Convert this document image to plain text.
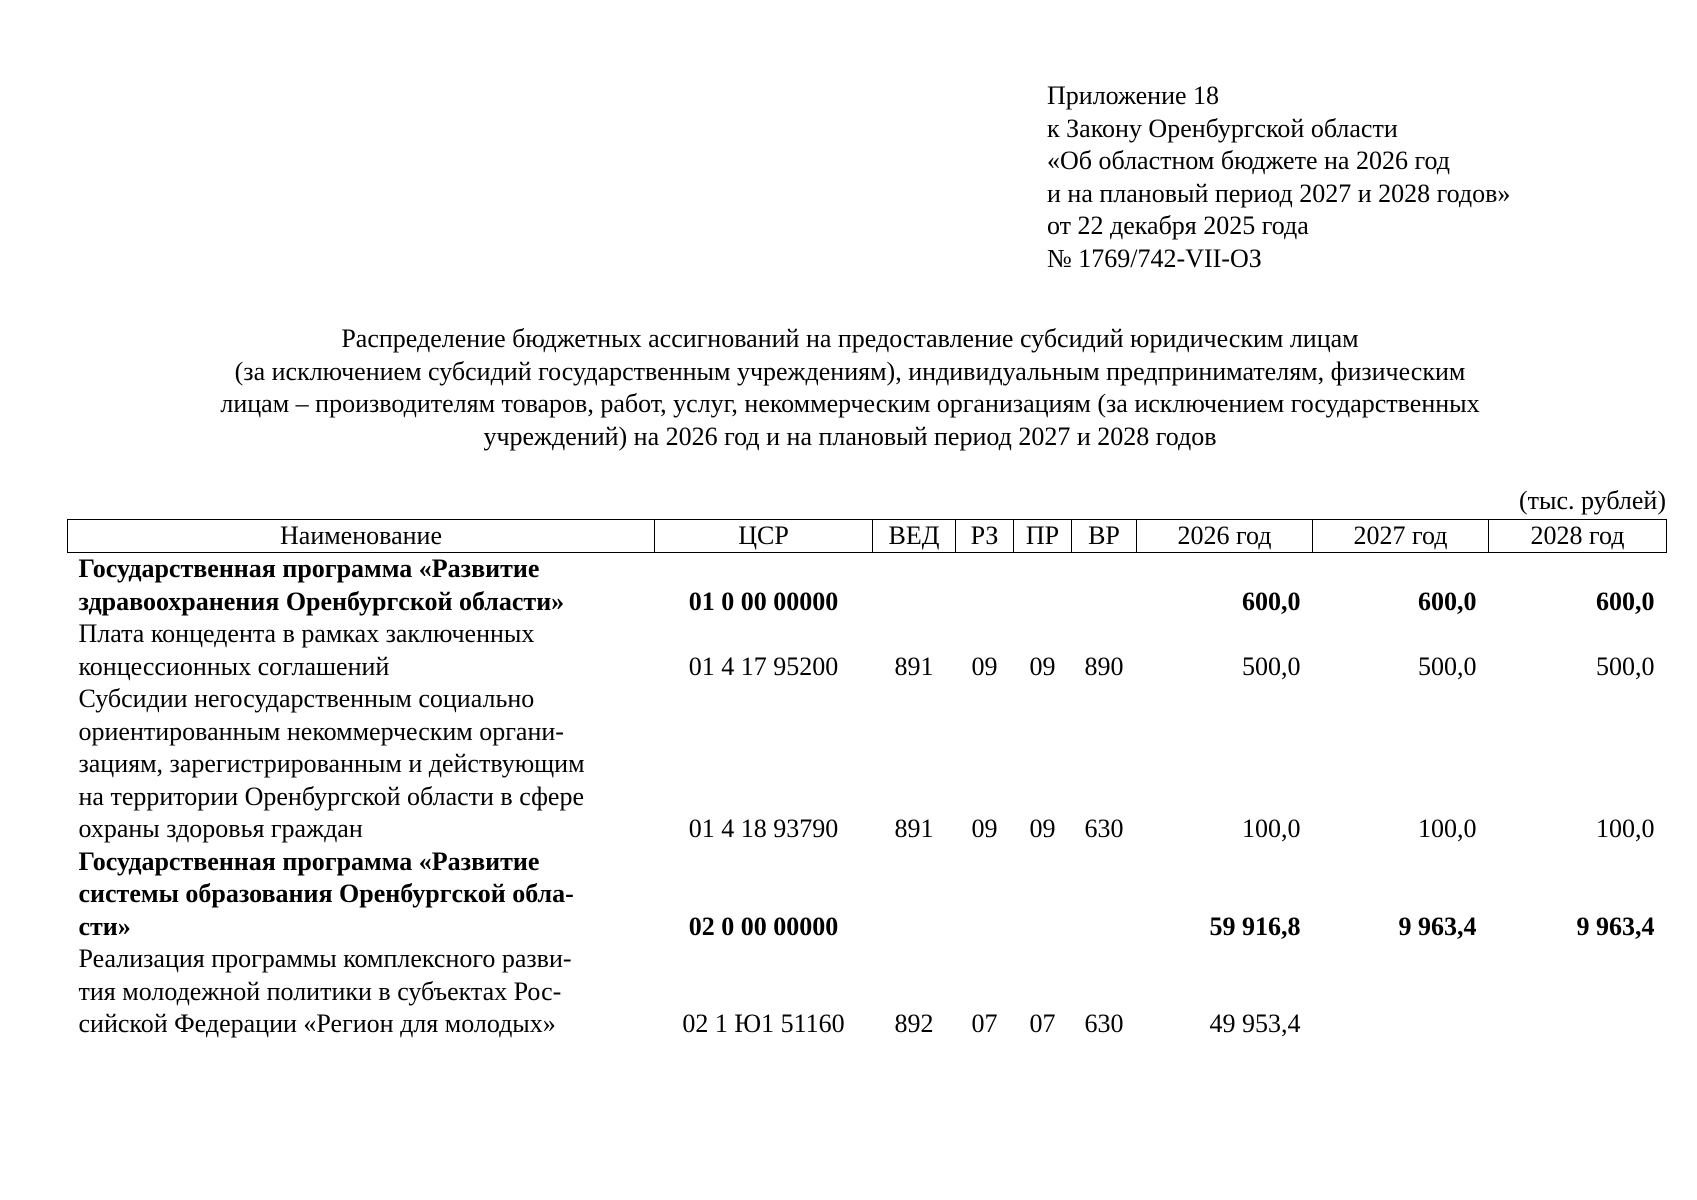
Приложение 18
к Закону Оренбургской области
«Об областном бюджете на 2026 год
и на плановый период 2027 и 2028 годов»
от 22 декабря 2025 года
№ 1769/742-VII-ОЗ
Распределение бюджетных ассигнований на предоставление субсидий юридическим лицам
(за исключением субсидий государственным учреждениям), индивидуальным предпринимателям, физическим
лицам – производителям товаров, работ, услуг, некоммерческим организациям (за исключением государственных
учреждений) на 2026 год и на плановый период 2027 и 2028 годов
(тыс. рублей)
Наименование	ЦСР	ВЕД	РЗ	ПР	ВР	2026 год	2027 год	2028 год

Государственная программа «Развитие
здравоохранения Оренбургской области»	01 0 00 00000					600,0	600,0	600,0

Плата концедента в рамках заключенных
концессионных соглашений	01 4 17 95200	891	09	09	890	500,0	500,0	500,0

Субсидии негосударственным социально
ориентированным некоммерческим органи-
зациям, зарегистрированным и действующим
на территории Оренбургской области в сфере
охраны здоровья граждан	01 4 18 93790	891	09	09	630	100,0	100,0	100,0

Государственная программа «Развитие
системы образования Оренбургской обла-
сти»	02 0 00 00000					59 916,8	9 963,4	9 963,4

Реализация программы комплексного разви-
тия молодежной политики в субъектах Рос-
сийской Федерации «Регион для молодых»	02 1 Ю1 51160	892	07	07	630	49 953,4		
